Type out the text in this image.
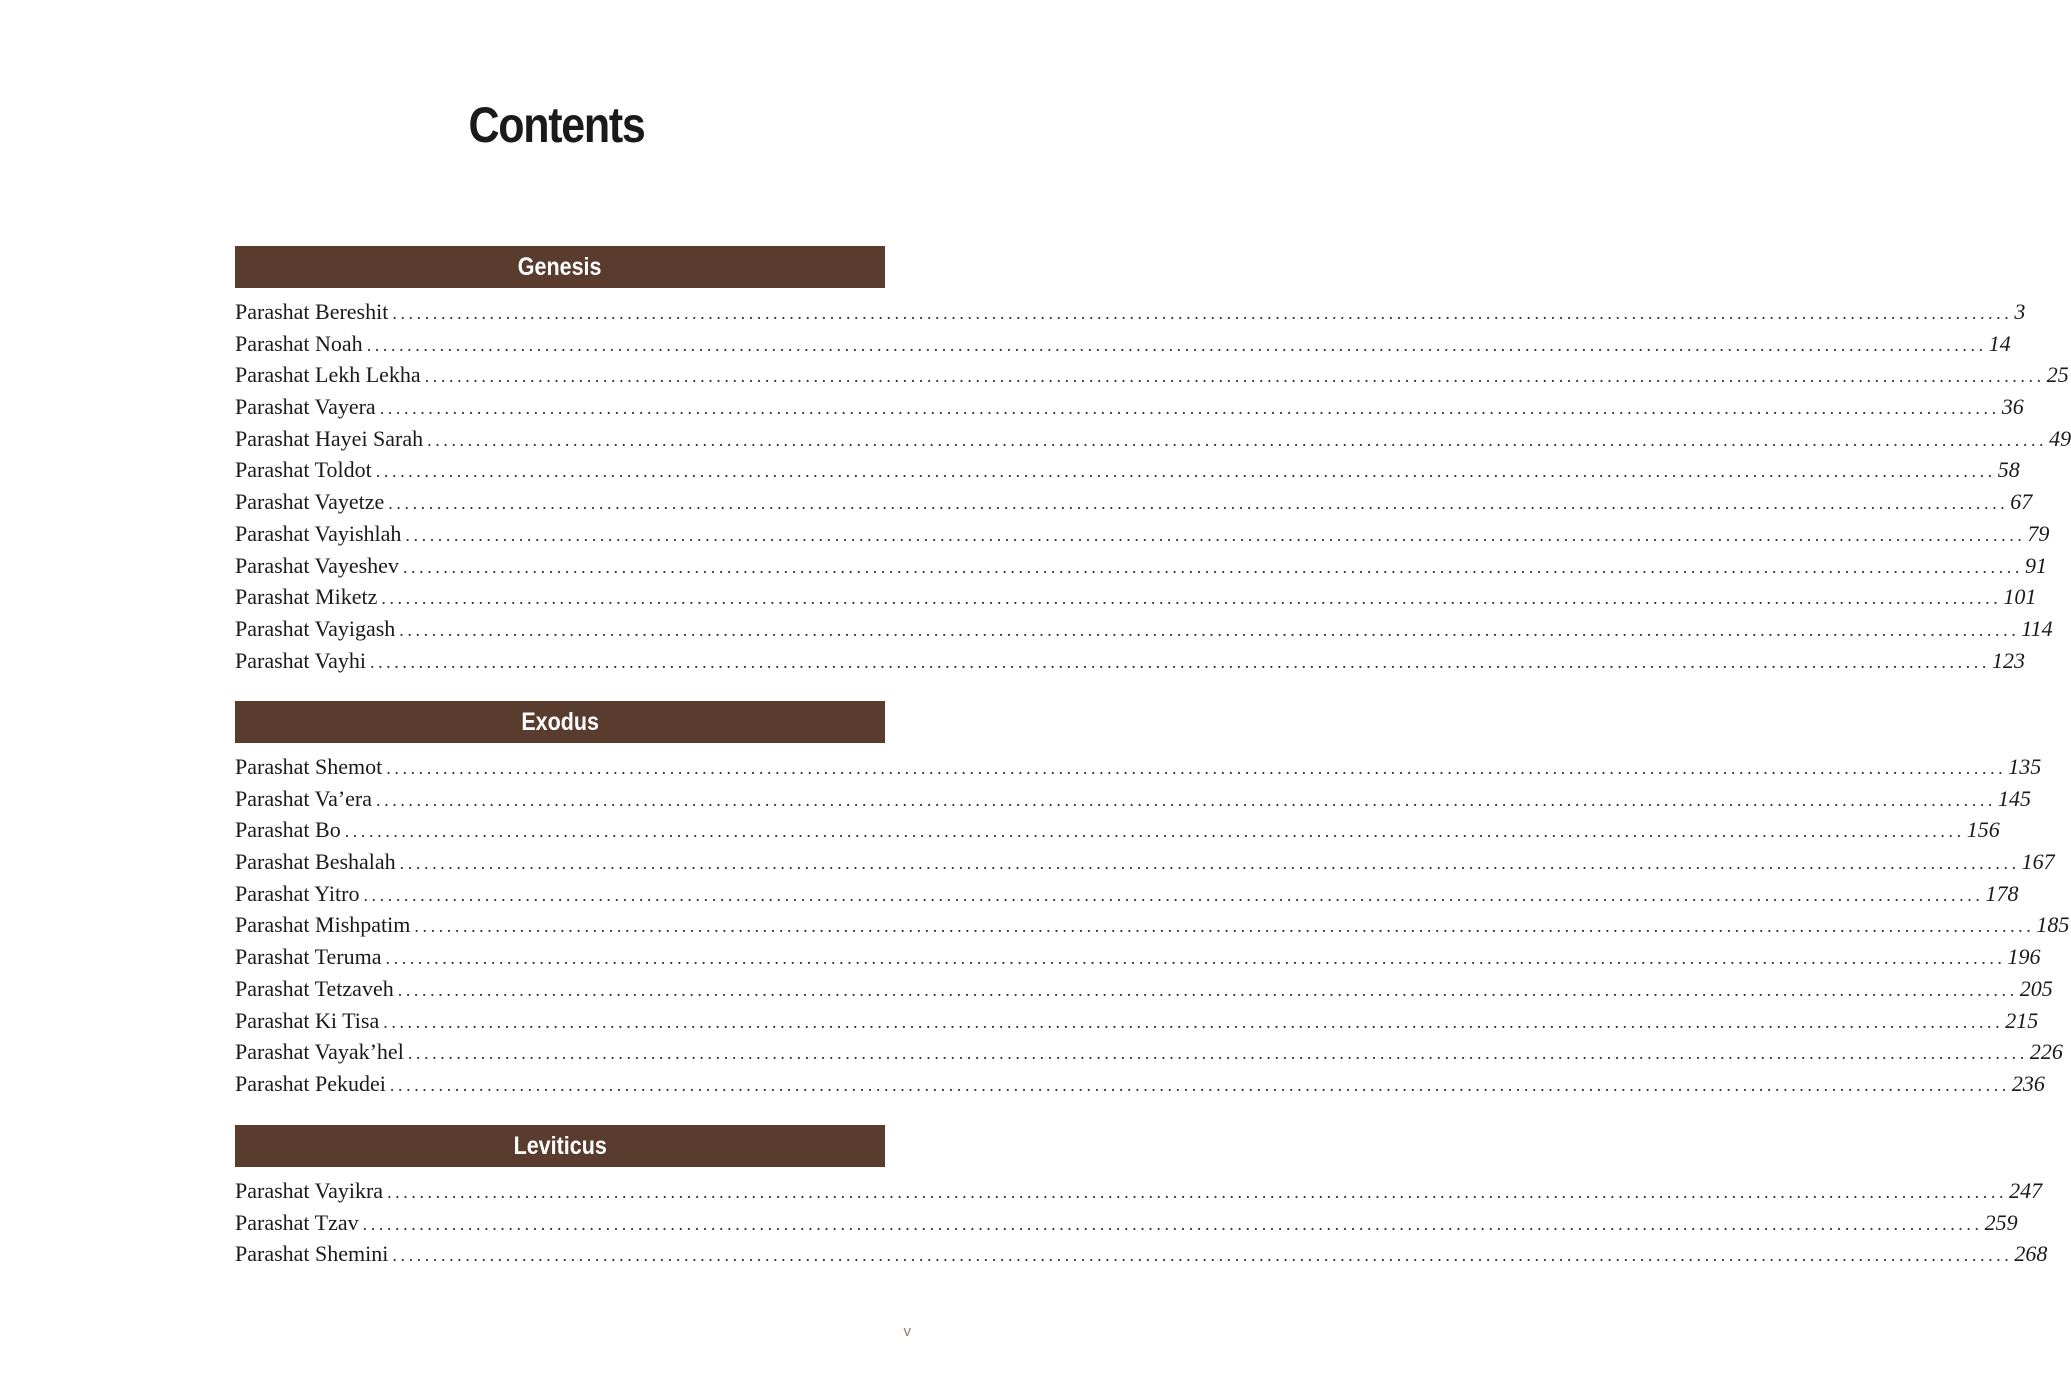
Contents
Genesis
Parashat Bereshit ........................................................................................................................................................................................................ 3
Parashat Noah ........................................................................................................................................................................................................ 14
Parashat Lekh Lekha ........................................................................................................................................................................................................ 25
Parashat Vayera ........................................................................................................................................................................................................ 36
Parashat Hayei Sarah ........................................................................................................................................................................................................ 49
Parashat Toldot ........................................................................................................................................................................................................ 58
Parashat Vayetze ........................................................................................................................................................................................................ 67
Parashat Vayishlah ........................................................................................................................................................................................................ 79
Parashat Vayeshev ........................................................................................................................................................................................................ 91
Parashat Miketz ........................................................................................................................................................................................................ 101
Parashat Vayigash ........................................................................................................................................................................................................ 114
Parashat Vayhi ........................................................................................................................................................................................................ 123
Exodus
Parashat Shemot ........................................................................................................................................................................................................ 135
Parashat Va’era ........................................................................................................................................................................................................ 145
Parashat Bo ........................................................................................................................................................................................................ 156
Parashat Beshalah ........................................................................................................................................................................................................ 167
Parashat Yitro ........................................................................................................................................................................................................ 178
Parashat Mishpatim ........................................................................................................................................................................................................ 185
Parashat Teruma ........................................................................................................................................................................................................ 196
Parashat Tetzaveh ........................................................................................................................................................................................................ 205
Parashat Ki Tisa ........................................................................................................................................................................................................ 215
Parashat Vayak’hel ........................................................................................................................................................................................................ 226
Parashat Pekudei ........................................................................................................................................................................................................ 236
Leviticus
Parashat Vayikra ........................................................................................................................................................................................................ 247
Parashat Tzav ........................................................................................................................................................................................................ 259
Parashat Shemini ........................................................................................................................................................................................................ 268
v
